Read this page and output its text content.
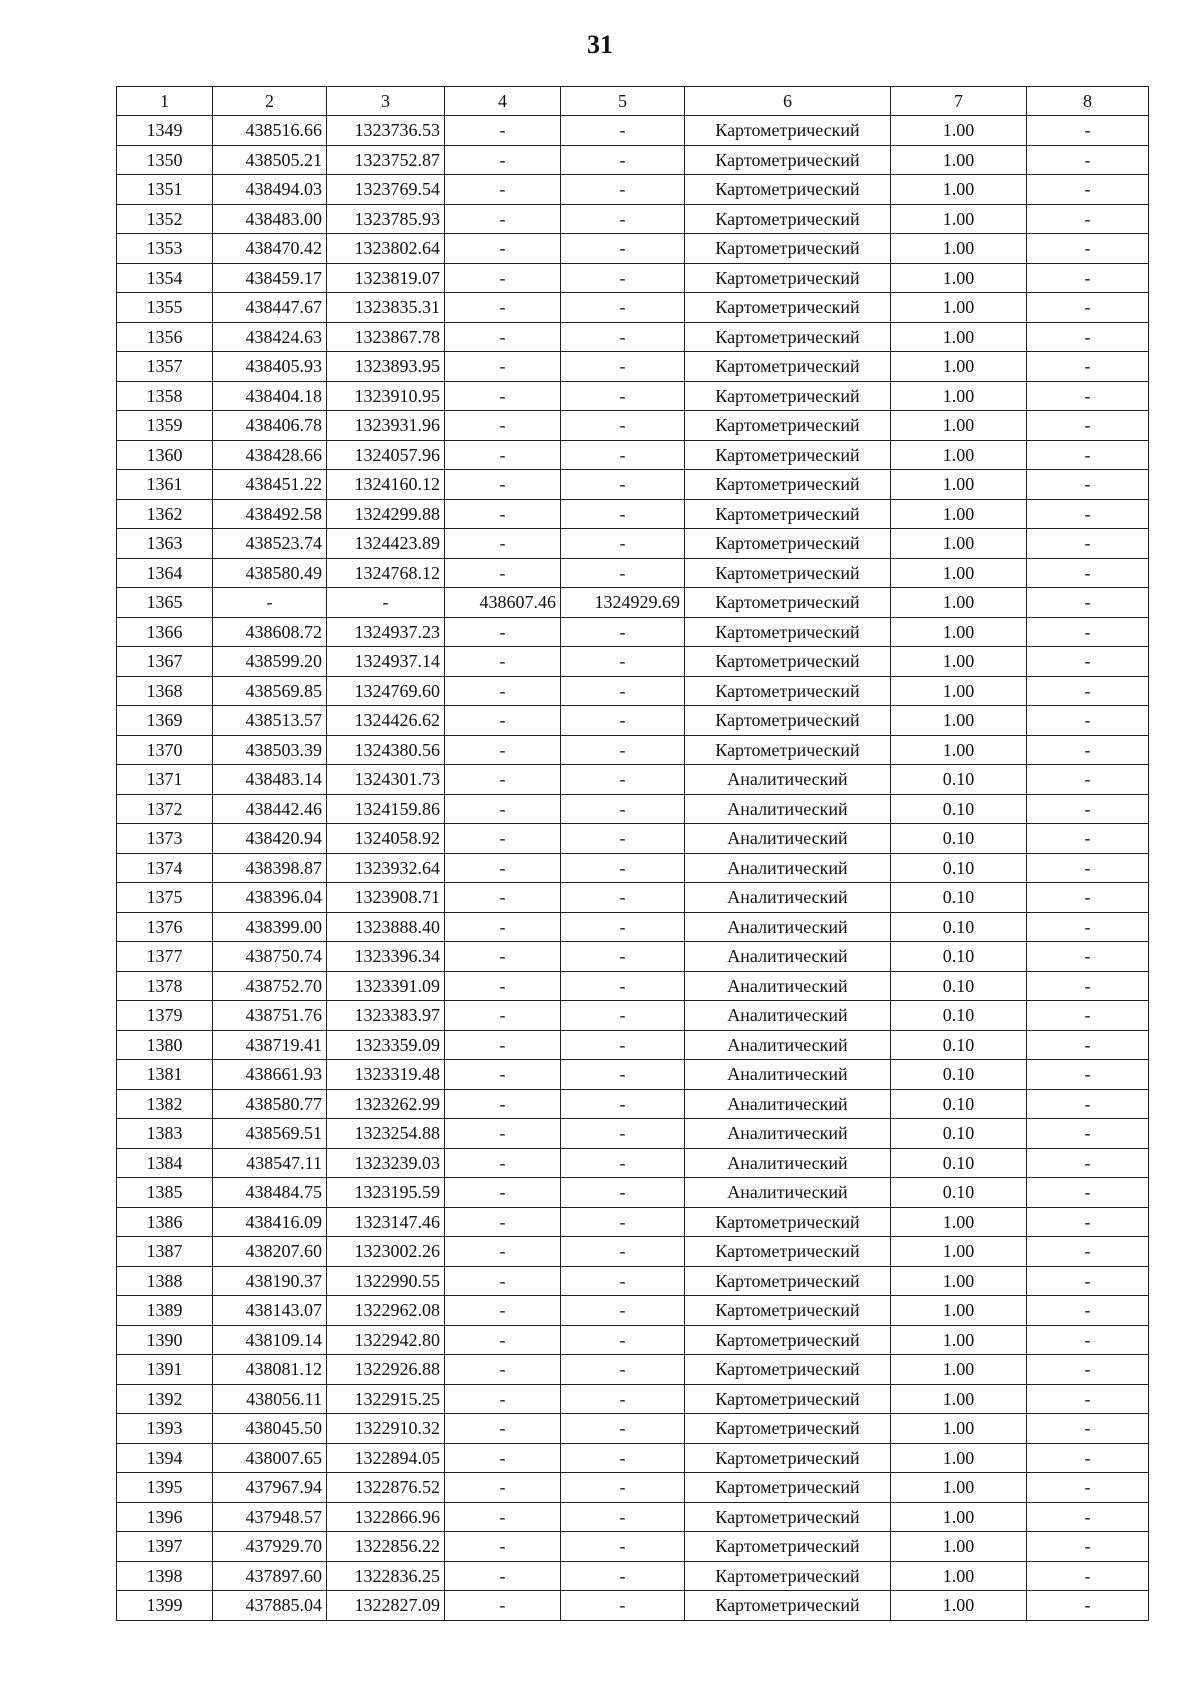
31
1	2	3	4	5	6	7	8
1349	438516.66	1323736.53	-	-	Картометрический	1.00	-
1350	438505.21	1323752.87	-	-	Картометрический	1.00	-
1351	438494.03	1323769.54	-	-	Картометрический	1.00	-
1352	438483.00	1323785.93	-	-	Картометрический	1.00	-
1353	438470.42	1323802.64	-	-	Картометрический	1.00	-
1354	438459.17	1323819.07	-	-	Картометрический	1.00	-
1355	438447.67	1323835.31	-	-	Картометрический	1.00	-
1356	438424.63	1323867.78	-	-	Картометрический	1.00	-
1357	438405.93	1323893.95	-	-	Картометрический	1.00	-
1358	438404.18	1323910.95	-	-	Картометрический	1.00	-
1359	438406.78	1323931.96	-	-	Картометрический	1.00	-
1360	438428.66	1324057.96	-	-	Картометрический	1.00	-
1361	438451.22	1324160.12	-	-	Картометрический	1.00	-
1362	438492.58	1324299.88	-	-	Картометрический	1.00	-
1363	438523.74	1324423.89	-	-	Картометрический	1.00	-
1364	438580.49	1324768.12	-	-	Картометрический	1.00	-
1365	-	-	438607.46	1324929.69	Картометрический	1.00	-
1366	438608.72	1324937.23	-	-	Картометрический	1.00	-
1367	438599.20	1324937.14	-	-	Картометрический	1.00	-
1368	438569.85	1324769.60	-	-	Картометрический	1.00	-
1369	438513.57	1324426.62	-	-	Картометрический	1.00	-
1370	438503.39	1324380.56	-	-	Картометрический	1.00	-
1371	438483.14	1324301.73	-	-	Аналитический	0.10	-
1372	438442.46	1324159.86	-	-	Аналитический	0.10	-
1373	438420.94	1324058.92	-	-	Аналитический	0.10	-
1374	438398.87	1323932.64	-	-	Аналитический	0.10	-
1375	438396.04	1323908.71	-	-	Аналитический	0.10	-
1376	438399.00	1323888.40	-	-	Аналитический	0.10	-
1377	438750.74	1323396.34	-	-	Аналитический	0.10	-
1378	438752.70	1323391.09	-	-	Аналитический	0.10	-
1379	438751.76	1323383.97	-	-	Аналитический	0.10	-
1380	438719.41	1323359.09	-	-	Аналитический	0.10	-
1381	438661.93	1323319.48	-	-	Аналитический	0.10	-
1382	438580.77	1323262.99	-	-	Аналитический	0.10	-
1383	438569.51	1323254.88	-	-	Аналитический	0.10	-
1384	438547.11	1323239.03	-	-	Аналитический	0.10	-
1385	438484.75	1323195.59	-	-	Аналитический	0.10	-
1386	438416.09	1323147.46	-	-	Картометрический	1.00	-
1387	438207.60	1323002.26	-	-	Картометрический	1.00	-
1388	438190.37	1322990.55	-	-	Картометрический	1.00	-
1389	438143.07	1322962.08	-	-	Картометрический	1.00	-
1390	438109.14	1322942.80	-	-	Картометрический	1.00	-
1391	438081.12	1322926.88	-	-	Картометрический	1.00	-
1392	438056.11	1322915.25	-	-	Картометрический	1.00	-
1393	438045.50	1322910.32	-	-	Картометрический	1.00	-
1394	438007.65	1322894.05	-	-	Картометрический	1.00	-
1395	437967.94	1322876.52	-	-	Картометрический	1.00	-
1396	437948.57	1322866.96	-	-	Картометрический	1.00	-
1397	437929.70	1322856.22	-	-	Картометрический	1.00	-
1398	437897.60	1322836.25	-	-	Картометрический	1.00	-
1399	437885.04	1322827.09	-	-	Картометрический	1.00	-
